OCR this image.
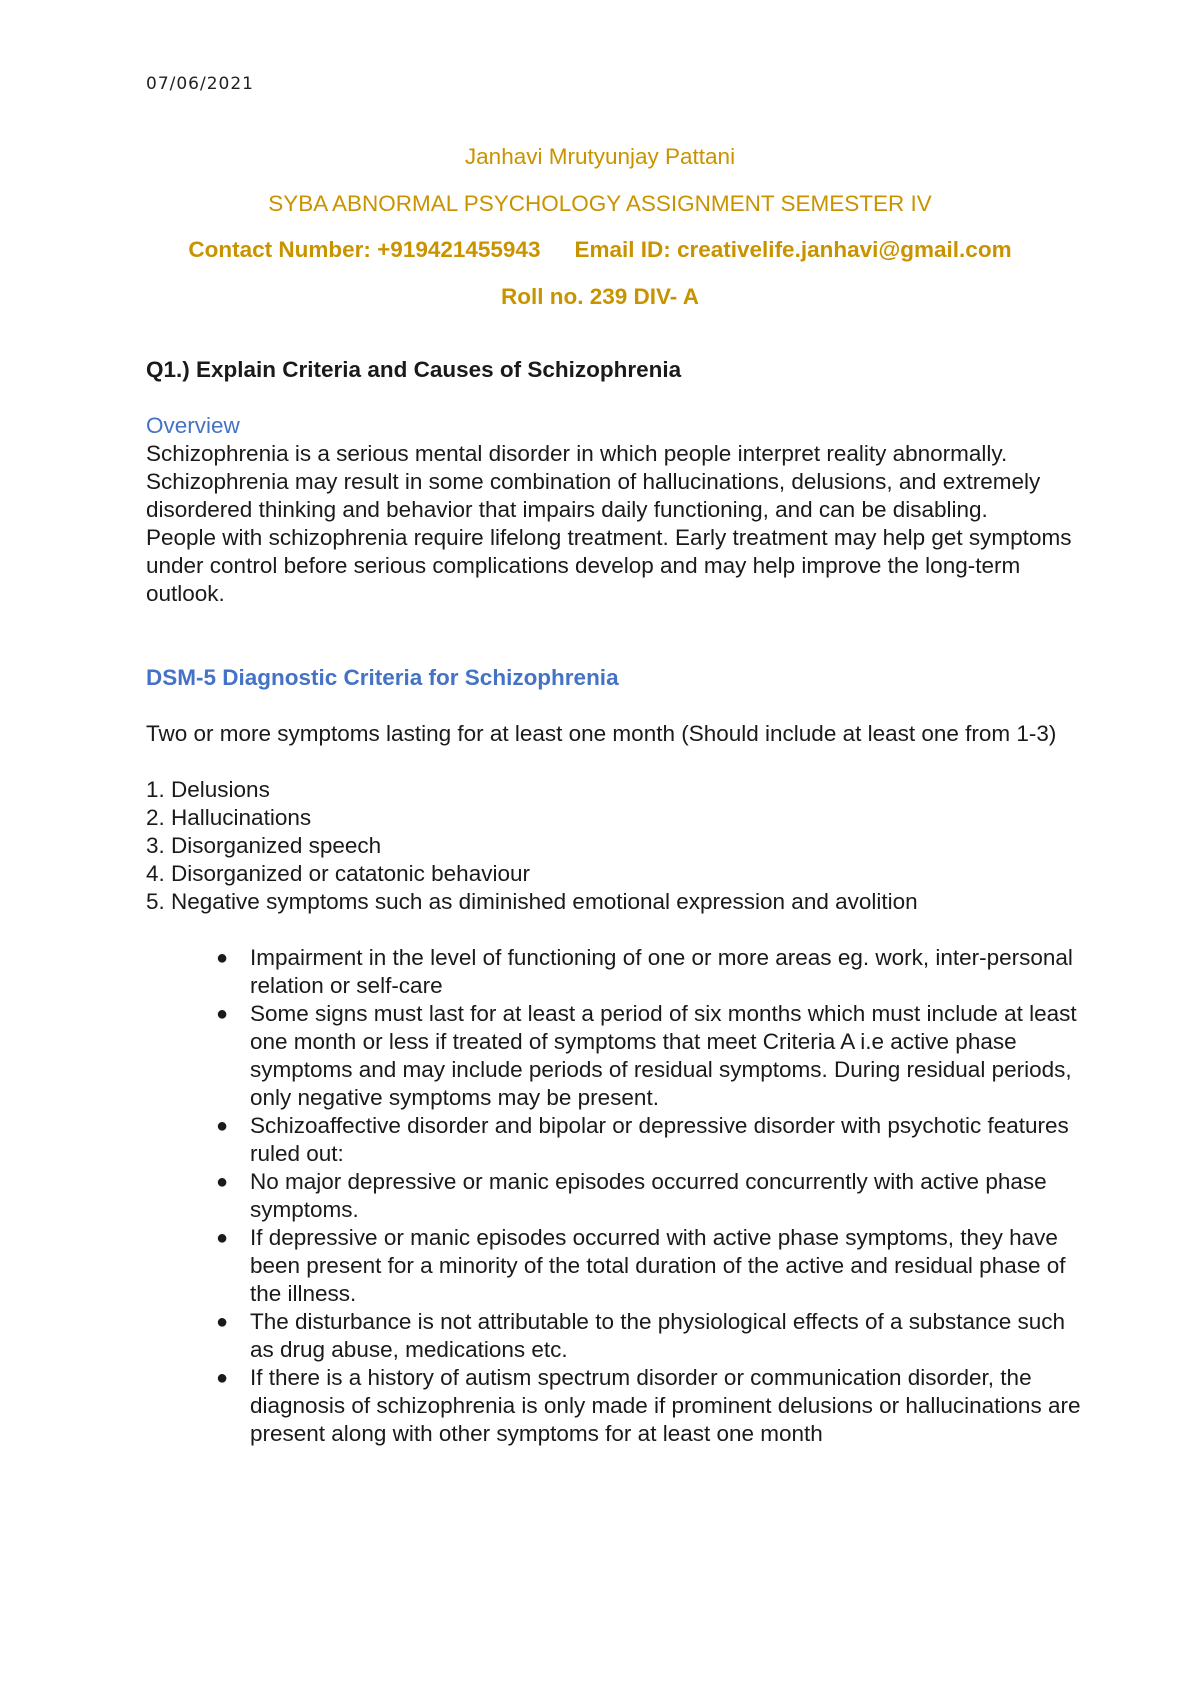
07/06/2021
Janhavi Mrutyunjay Pattani
SYBA ABNORMAL PSYCHOLOGY ASSIGNMENT SEMESTER IV
Contact Number: +919421455943 Email ID: creativelife.janhavi@gmail.com
Roll no. 239 DIV- A
Q1.) Explain Criteria and Causes of Schizophrenia
Overview

Schizophrenia is a serious mental disorder in which people interpret reality abnormally. Schizophrenia may result in some combination of hallucinations, delusions, and extremely disordered thinking and behavior that impairs daily functioning, and can be disabling.

People with schizophrenia require lifelong treatment. Early treatment may help get symptoms under control before serious complications develop and may help improve the long-term outlook.

DSM-5 Diagnostic Criteria for Schizophrenia
Two or more symptoms lasting for at least one month (Should include at least one from 1-3)
1. Delusions
2. Hallucinations
3. Disorganized speech
4. Disorganized or catatonic behaviour
5. Negative symptoms such as diminished emotional expression and avolition
● Impairment in the level of functioning of one or more areas eg. work, inter-personal relation or self-care
● Some signs must last for at least a period of six months which must include at least one month or less if treated of symptoms that meet Criteria A i.e active phase symptoms and may include periods of residual symptoms. During residual periods, only negative symptoms may be present.
● Schizoaffective disorder and bipolar or depressive disorder with psychotic features ruled out:
● No major depressive or manic episodes occurred concurrently with active phase symptoms.
● If depressive or manic episodes occurred with active phase symptoms, they have been present for a minority of the total duration of the active and residual phase of the illness.
● The disturbance is not attributable to the physiological effects of a substance such as drug abuse, medications etc.
● If there is a history of autism spectrum disorder or communication disorder, the diagnosis of schizophrenia is only made if prominent delusions or hallucinations are present along with other symptoms for at least one month
